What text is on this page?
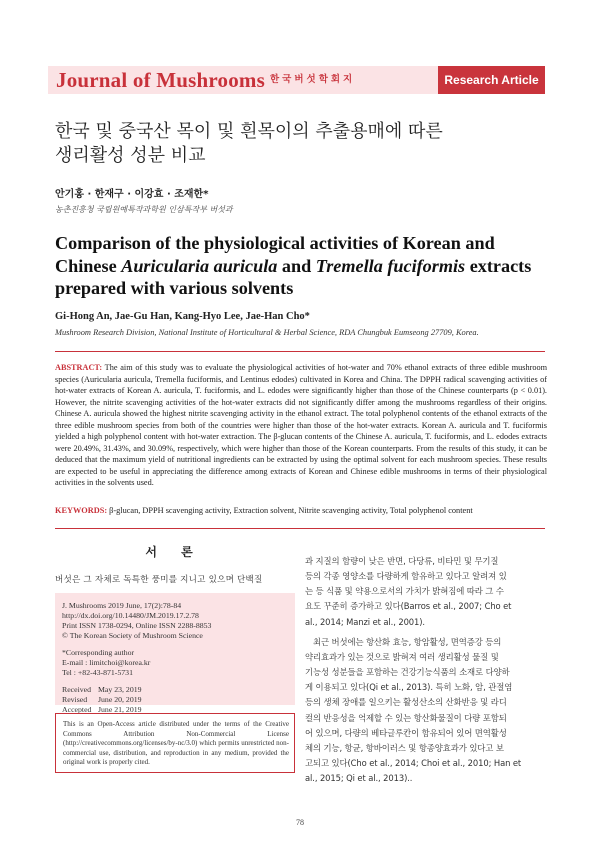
Journal of Mushrooms 한국버섯학회지	Research Article
한국 및 중국산 목이 및 흰목이의 추출용매에 따른
생리활성 성분 비교
안기홍 · 한재구 · 이강효 · 조재한*
농촌진흥청 국립원예특작과학원 인삼특작부 버섯과
Comparison of the physiological activities of Korean and
Chinese Auricularia auricula and Tremella fuciformis extracts
prepared with various solvents
Gi-Hong An, Jae-Gu Han, Kang-Hyo Lee, Jae-Han Cho*
Mushroom Research Division, National Institute of Horticultural & Herbal Science, RDA Chungbuk Eumseong 27709, Korea.
ABSTRACT: The aim of this study was to evaluate the physiological activities of hot-water and 70% ethanol extracts of three edible mushroom species (Auricularia auricula, Tremella fuciformis, and Lentinus edodes) cultivated in Korea and China. The DPPH radical scavenging activities of hot-water extracts of Korean A. auricula, T. fuciformis, and L. edodes were significantly higher than those of the Chinese counterparts (p < 0.01). However, the nitrite scavenging activities of the hot-water extracts did not significantly differ among the mushrooms regardless of their origins. Chinese A. auricula showed the highest nitrite scavenging activity in the ethanol extract. The total polyphenol contents of the ethanol extracts of the three edible mushroom species from both of the countries were higher than those of the hot-water extracts. Korean A. auricula and T. fuciformis yielded a high polyphenol content with hot-water extraction. The β-glucan contents of the Chinese A. auricula, T. fuciformis, and L. edodes extracts were 20.49%, 31.43%, and 30.09%, respectively, which were higher than those of the Korean counterparts. From the results of this study, it can be deduced that the maximum yield of nutritional ingredients can be extracted by using the optimal solvent for each mushroom species. These results are expected to be useful in appreciating the difference among extracts of Korean and Chinese edible mushrooms in terms of their physiological activities in the solvents used.
KEYWORDS: β-glucan, DPPH scavenging activity, Extraction solvent, Nitrite scavenging activity, Total polyphenol content
서 론
버섯은 그 자체로 독특한 풍미를 지니고 있으며 단백질
J. Mushrooms 2019 June, 17(2):78-84
http://dx.doi.org/10.14480/JM.2019.17.2.78
Print ISSN 1738-0294, Online ISSN 2288-8853
© The Korean Society of Mushroom Science
*Corresponding author
E-mail : limitchoi@korea.kr
Tel : +82-43-871-5731
Received May 23, 2019
Revised	June 20, 2019
Accepted June 21, 2019
This is an Open-Access article distributed under the terms of the Creative Commons Attribution Non-Commercial License (http://creativecommons.org/licenses/by-nc/3.0) which permits unrestricted non-commercial use, distribution, and reproduction in any medium, provided the original work is properly cited.
과 지질의 함량이 낮은 반면, 다당류, 비타민 및 무기질
등의 각종 영양소를 다량하게 함유하고 있다고 알려져 있
는 등 식품 및 약용으로서의 가치가 밝혀짐에 따라 그 수
요도 꾸준히 증가하고 있다(Barros et al., 2007; Cho et
al., 2014; Manzi et al., 2001).
최근 버섯에는 항산화 효능, 항암활성, 면역증강 등의
약리효과가 있는 것으로 밝혀져 여러 생리활성 물질 및
기능성 성분들을 포함하는 건강기능식품의 소재로 다양하
게 이용되고 있다(Qi et al., 2013). 특히 노화, 암, 관절염
등의 생체 장애를 일으키는 활성산소의 산화반응 및 라디
컬의 반응성을 억제할 수 있는 항산화물질이 다량 포함되
어 있으며, 다량의 베타글루칸이 함유되어 있어 면역활성
체의 기능, 항균, 항바이러스 및 항종양효과가 있다고 보
고되고 있다(Cho et al., 2014; Choi et al., 2010; Han et
al., 2015; Qi et al., 2013)..
78
